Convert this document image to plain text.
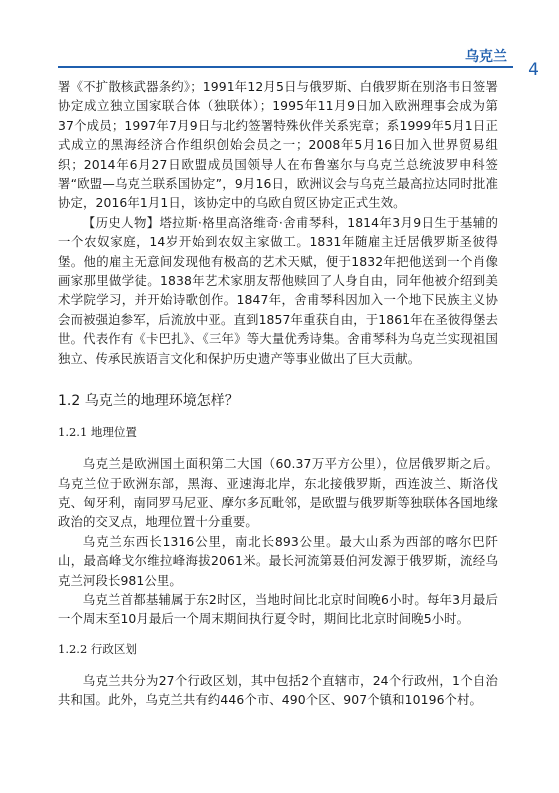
乌克兰
4

署《不扩散核武器条约》；1991年12月5日与俄罗斯、白俄罗斯在别洛韦日签署协定成立独立国家联合体（独联体）；1995年11月9日加入欧洲理事会成为第37个成员；1997年7月9日与北约签署特殊伙伴关系宪章；系1999年5月1日正式成立的黑海经济合作组织创始会员之一；2008年5月16日加入世界贸易组织；2014年6月27日欧盟成员国领导人在布鲁塞尔与乌克兰总统波罗申科签署“欧盟—乌克兰联系国协定”，9月16日，欧洲议会与乌克兰最高拉达同时批准协定，2016年1月1日，该协定中的乌欧自贸区协定正式生效。

【历史人物】塔拉斯·格里高洛维奇·舍甫琴科，1814年3月9日生于基辅的一个农奴家庭，14岁开始到农奴主家做工。1831年随雇主迁居俄罗斯圣彼得堡。他的雇主无意间发现他有极高的艺术天赋，便于1832年把他送到一个肖像画家那里做学徒。1838年艺术家朋友帮他赎回了人身自由，同年他被介绍到美术学院学习，并开始诗歌创作。1847年，舍甫琴科因加入一个地下民族主义协会而被强迫参军，后流放中亚。直到1857年重获自由，于1861年在圣彼得堡去世。代表作有《卡巴扎》、《三年》等大量优秀诗集。舍甫琴科为乌克兰实现祖国独立、传承民族语言文化和保护历史遗产等事业做出了巨大贡献。

1.2 乌克兰的地理环境怎样？
1.2.1 地理位置

乌克兰是欧洲国土面积第二大国（60.37万平方公里），位居俄罗斯之后。乌克兰位于欧洲东部，黑海、亚速海北岸，东北接俄罗斯，西连波兰、斯洛伐克、匈牙利，南同罗马尼亚、摩尔多瓦毗邻，是欧盟与俄罗斯等独联体各国地缘政治的交叉点，地理位置十分重要。

乌克兰东西长1316公里，南北长893公里。最大山系为西部的喀尔巴阡山，最高峰戈尔维拉峰海拔2061米。最长河流第聂伯河发源于俄罗斯，流经乌克兰河段长981公里。

乌克兰首都基辅属于东2时区，当地时间比北京时间晚6小时。每年3月最后一个周末至10月最后一个周末期间执行夏令时，期间比北京时间晚5小时。

1.2.2 行政区划

乌克兰共分为27个行政区划，其中包括2个直辖市，24个行政州，1个自治共和国。此外，乌克兰共有约446个市、490个区、907个镇和10196个村。
